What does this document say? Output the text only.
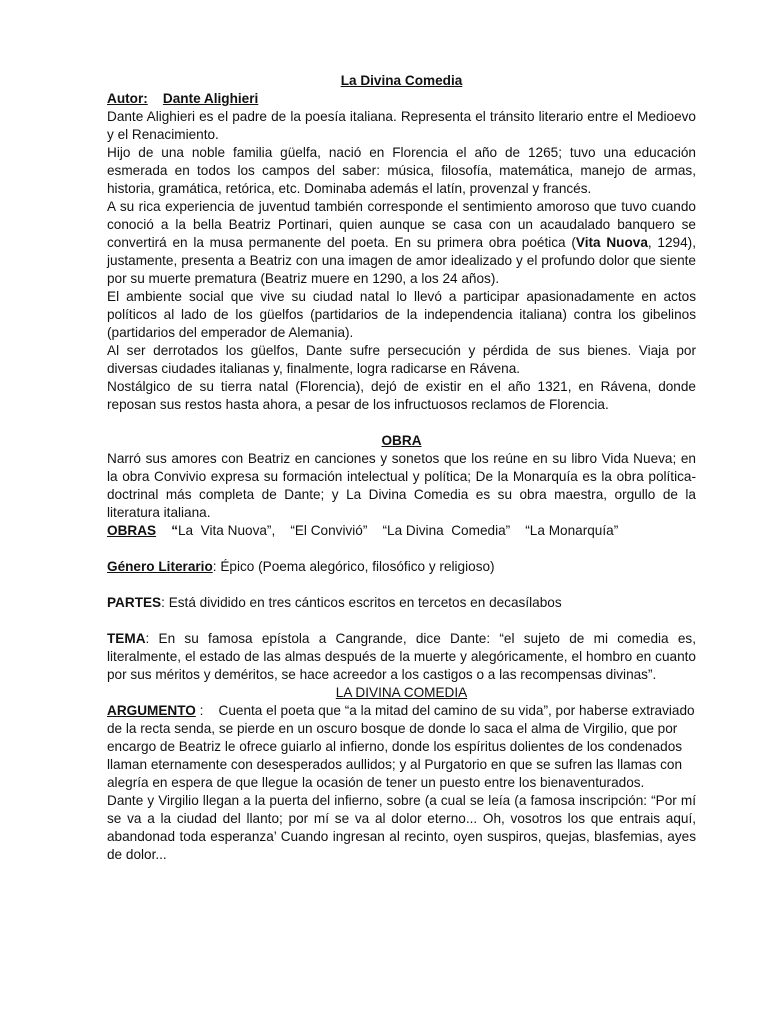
La Divina Comedia

Autor: Dante Alighieri

Dante Alighieri es el padre de la poesía italiana. Representa el tránsito literario entre el Medioevo y el Renacimiento.

Hijo de una noble familia güelfa, nació en Florencia el año de 1265; tuvo una educación esmerada en todos los campos del saber: música, filosofía, matemática, manejo de armas, historia, gramática, retórica, etc. Dominaba además el latín, provenzal y francés.

A su rica experiencia de juventud también corresponde el sentimiento amoroso que tuvo cuando conoció a la bella Beatriz Portinari, quien aunque se casa con un acaudalado banquero se convertirá en la musa permanente del poeta. En su primera obra poética (Vita Nuova, 1294), justamente, presenta a Beatriz con una imagen de amor idealizado y el profundo dolor que siente por su muerte prematura (Beatriz muere en 1290, a los 24 años).

El ambiente social que vive su ciudad natal lo llevó a participar apasionadamente en actos políticos al lado de los güelfos (partidarios de la independencia italiana) contra los gibelinos (partidarios del emperador de Alemania).

Al ser derrotados los güelfos, Dante sufre persecución y pérdida de sus bienes. Viaja por diversas ciudades italianas y, finalmente, logra radicarse en Rávena.

Nostálgico de su tierra natal (Florencia), dejó de existir en el año 1321, en Rávena, donde reposan sus restos hasta ahora, a pesar de los infructuosos reclamos de Florencia.

OBRA

Narró sus amores con Beatriz en canciones y sonetos que los reúne en su libro Vida Nueva; en la obra Convivio expresa su formación intelectual y política; De la Monarquía es la obra política-doctrinal más completa de Dante; y La Divina Comedia es su obra maestra, orgullo de la literatura italiana.

OBRAS “La  Vita Nuova”,    “El Convivió”    “La Divina  Comedia”    “La Monarquía”

Género Literario: Épico (Poema alegórico, filosófico y religioso)

PARTES: Está dividido en tres cánticos escritos en tercetos en decasílabos

TEMA: En su famosa epístola a Cangrande, dice Dante: “el sujeto de mi comedia es, literalmente, el estado de las almas después de la muerte y alegóricamente, el hombro en cuanto por sus méritos y deméritos, se hace acreedor a los castigos o a las recompensas divinas”.

LA DIVINA COMEDIA

ARGUMENTO :    Cuenta el poeta que “a la mitad del camino de su vida”, por haberse extraviado de la recta senda, se pierde en un oscuro bosque de donde lo saca el alma de Virgilio, que por encargo de Beatriz le ofrece guiarlo al infierno, donde los espíritus dolientes de los condenados llaman eternamente con desesperados aullidos; y al Purgatorio en que se sufren las llamas con alegría en espera de que llegue la ocasión de tener un puesto entre los bienaventurados.

Dante y Virgilio llegan a la puerta del infierno, sobre (a cual se leía (a famosa inscripción: “Por mí se va a la ciudad del llanto; por mí se va al dolor eterno... Oh, vosotros los que entrais aquí, abandonad toda esperanza’ Cuando ingresan al recinto, oyen suspiros, quejas, blasfemias, ayes de dolor...
